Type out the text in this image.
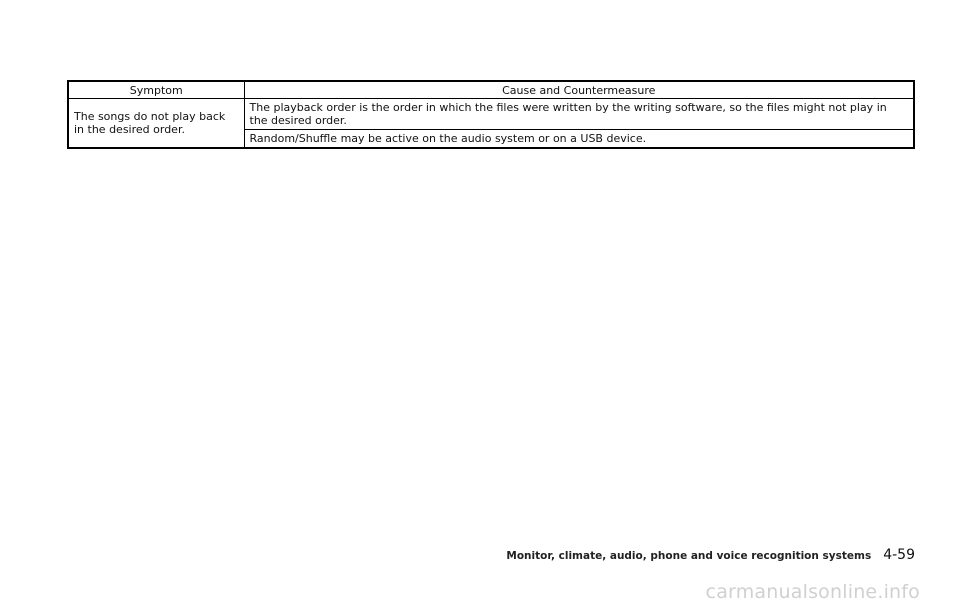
Symptom	Cause and Countermeasure
The songs do not play back in the desired order.	The playback order is the order in which the files were written by the writing software, so the files might not play in the desired order.
	Random/Shuffle may be active on the audio system or on a USB device.
Monitor, climate, audio, phone and voice recognition systems 4-59
carmanualsonline.info
